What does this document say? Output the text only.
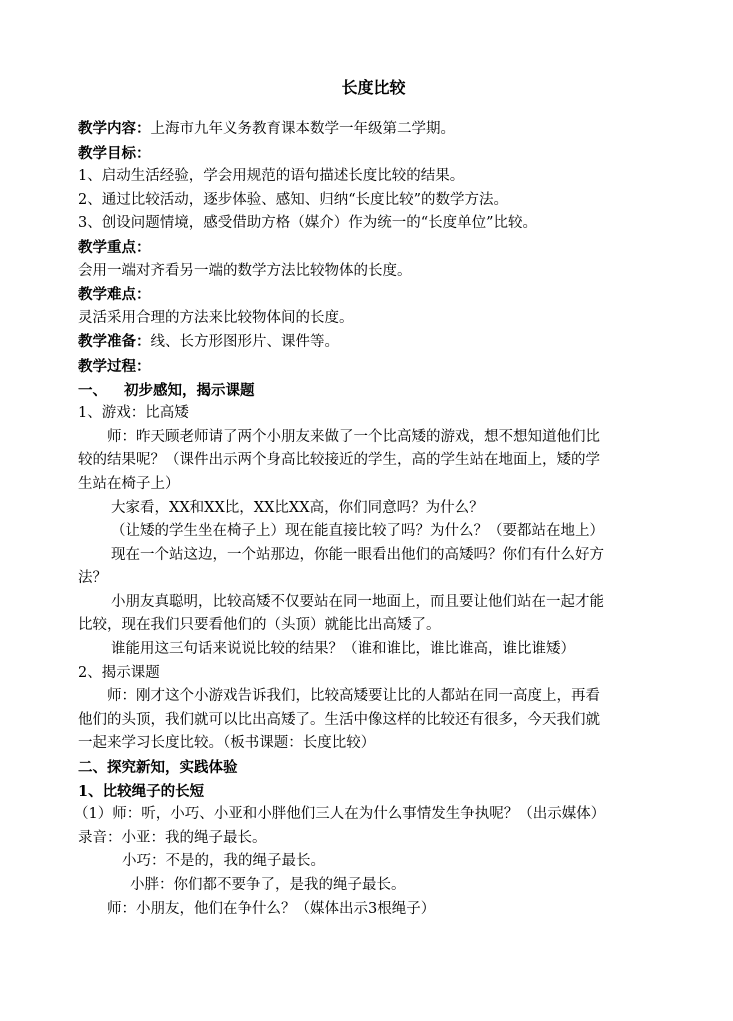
长度比较
教学内容：上海市九年义务教育课本数学一年级第二学期。
教学目标：
1、启动生活经验，学会用规范的语句描述长度比较的结果。
2、通过比较活动，逐步体验、感知、归纳“长度比较”的数学方法。
3、创设问题情境，感受借助方格（媒介）作为统一的“长度单位”比较。
教学重点：
会用一端对齐看另一端的数学方法比较物体的长度。
教学难点：
灵活采用合理的方法来比较物体间的长度。
教学准备：线、长方形图形片、课件等。
教学过程：
一、 初步感知，揭示课题
1、游戏：比高矮
师：昨天顾老师请了两个小朋友来做了一个比高矮的游戏，想不想知道他们比
较的结果呢？（课件出示两个身高比较接近的学生，高的学生站在地面上，矮的学
生站在椅子上）
大家看，XX和XX比，XX比XX高，你们同意吗？为什么？
（让矮的学生坐在椅子上）现在能直接比较了吗？为什么？（要都站在地上）
现在一个站这边，一个站那边，你能一眼看出他们的高矮吗？你们有什么好方
法？
小朋友真聪明，比较高矮不仅要站在同一地面上，而且要让他们站在一起才能
比较，现在我们只要看他们的（头顶）就能比出高矮了。
谁能用这三句话来说说比较的结果？（谁和谁比，谁比谁高，谁比谁矮）
2、揭示课题
师：刚才这个小游戏告诉我们，比较高矮要让比的人都站在同一高度上，再看
他们的头顶，我们就可以比出高矮了。生活中像这样的比较还有很多，今天我们就
一起来学习长度比较。（板书课题：长度比较）
二、探究新知，实践体验
1、比较绳子的长短
（1）师：听，小巧、小亚和小胖他们三人在为什么事情发生争执呢？（出示媒体）
录音：小亚：我的绳子最长。
小巧：不是的，我的绳子最长。
小胖：你们都不要争了，是我的绳子最长。
师：小朋友，他们在争什么？（媒体出示3根绳子）
